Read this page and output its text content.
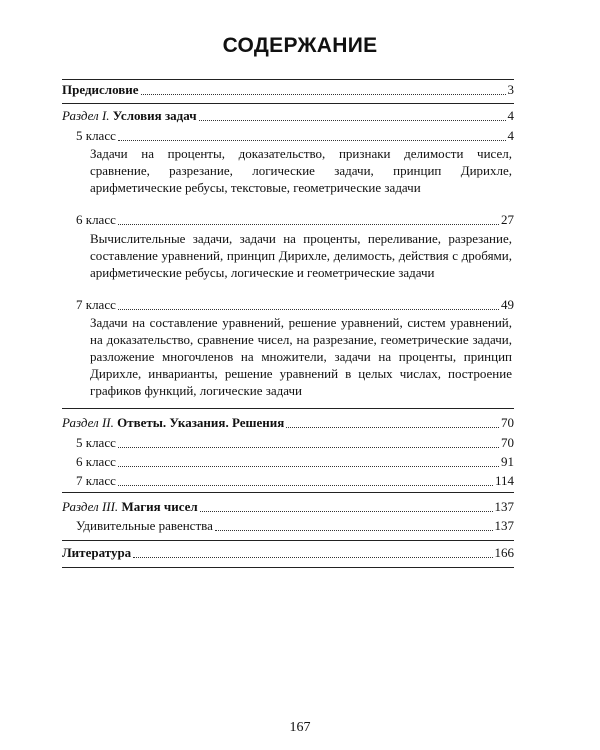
СОДЕРЖАНИЕ
Предисловие	3
Раздел I. Условия задач	4
5 класс	4
Задачи на проценты, доказательство, признаки делимости чисел, сравнение, разрезание, логические задачи, принцип Дирихле, арифметические ребусы, текстовые, геометрические задачи
6 класс	27
Вычислительные задачи, задачи на проценты, переливание, разрезание, составление уравнений, принцип Дирихле, делимость, действия с дробями, арифметические ребусы, логические и геометрические задачи
7 класс	49
Задачи на составление уравнений, решение уравнений, систем уравнений, на доказательство, сравнение чисел, на разрезание, геометрические задачи, разложение многочленов на множители, задачи на проценты, принцип Дирихле, инварианты, решение уравнений в целых числах, построение графиков функций, логические задачи
Раздел II. Ответы. Указания. Решения	70
5 класс	70
6 класс	91
7 класс	114
Раздел III. Магия чисел	137
Удивительные равенства	137
Литература	166
167
